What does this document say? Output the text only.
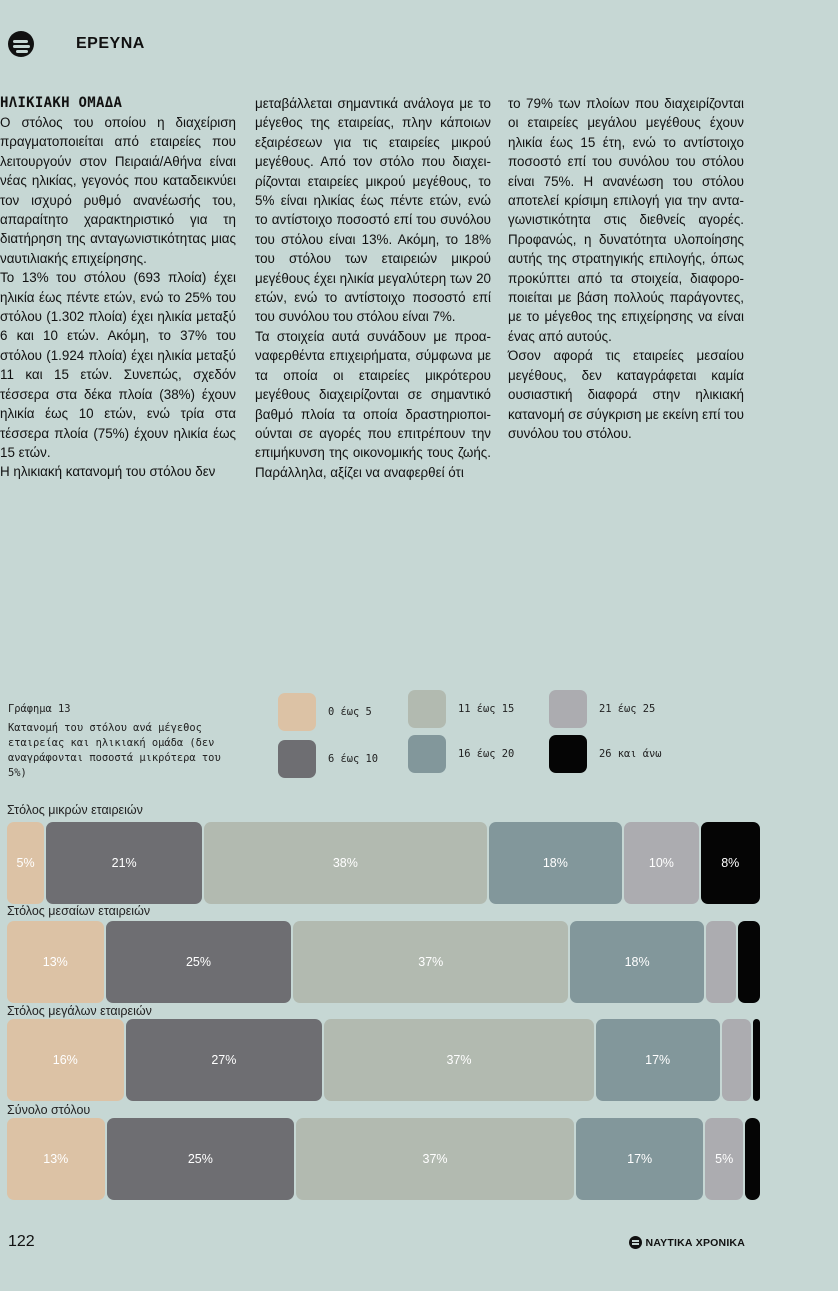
ΕΡΕΥΝΑ

ΗΛΙΚΙΑΚΗ ΟΜΑΔΑ

Ο στόλος του οποίου η διαχείριση πραγματοποιείται από εταιρείες που λειτουργούν στον Πειραιά/Αθήνα είναι νέας ηλικίας, γεγονός που καταδεικνύει τον ισχυρό ρυθμό ανανέωσής του, απαραίτητο χαρακτηριστικό για τη διατήρηση της ανταγωνιστικότητας μιας ναυτιλιακής επιχείρησης.

Το 13% του στόλου (693 πλοία) έχει ηλικία έως πέντε ετών, ενώ το 25% του στόλου (1.302 πλοία) έχει ηλικία μεταξύ 6 και 10 ετών. Ακόμη, το 37% του στόλου (1.924 πλοία) έχει ηλικία μεταξύ 11 και 15 ετών. Συνεπώς, σχεδόν τέσσερα στα δέκα πλοία (38%) έχουν ηλικία έως 10 ετών, ενώ τρία στα τέσσερα πλοία (75%) έχουν ηλικία έως 15 ετών.

Η ηλικιακή κατανομή του στόλου δεν

μεταβάλλεται σημαντικά ανάλογα με το μέγεθος της εταιρείας, πλην κάποιων εξαιρέσεων για τις εταιρείες μικρού μεγέθους. Από τον στόλο που διαχειρίζονται εταιρείες μικρού μεγέθους, το 5% είναι ηλικίας έως πέντε ετών, ενώ το αντίστοιχο ποσοστό επί του συνόλου του στόλου είναι 13%. Ακόμη, το 18% του στόλου των εταιρειών μικρού μεγέθους έχει ηλικία μεγαλύτερη των 20 ετών, ενώ το αντίστοιχο ποσοστό επί του συνόλου του στόλου είναι 7%.

Τα στοιχεία αυτά συνάδουν με προαναφερθέντα επιχειρήματα, σύμφωνα με τα οποία οι εταιρείες μικρότερου μεγέθους διαχειρίζονται σε σημαντικό βαθμό πλοία τα οποία δραστηριοποιούνται σε αγορές που επιτρέπουν την επιμήκυνση της οικονομικής τους ζωής. Παράλληλα, αξίζει να αναφερθεί ότι

το 79% των πλοίων που διαχειρίζονται οι εταιρείες μεγάλου μεγέθους έχουν ηλικία έως 15 έτη, ενώ το αντίστοιχο ποσοστό επί του συνόλου του στόλου είναι 75%. Η ανανέωση του στόλου αποτελεί κρίσιμη επιλογή για την ανταγωνιστικότητα στις διεθνείς αγορές. Προφανώς, η δυνατότητα υλοποίησης αυτής της στρατηγικής επιλογής, όπως προκύπτει από τα στοιχεία, διαφοροποιείται με βάση πολλούς παράγοντες, με το μέγεθος της επιχείρησης να είναι ένας από αυτούς.

Όσον αφορά τις εταιρείες μεσαίου μεγέθους, δεν καταγράφεται καμία ουσιαστική διαφορά στην ηλικιακή κατανομή σε σύγκριση με εκείνη επί του συνόλου του στόλου.

Γράφημα 13
Κατανομή του στόλου ανά μέγεθος εταιρείας και ηλικιακή ομάδα (δεν αναγράφονται ποσοστά μικρότερα του 5%)
0 έως 5
6 έως 10
11 έως 15
16 έως 20
21 έως 25
26 και άνω
Στόλος μικρών εταιρειών
5%	21%	38%	18%	10%	8%
Στόλος μεσαίων εταιρειών
13%	25%	37%	18%
Στόλος μεγάλων εταιρειών
16%	27%	37%	17%
Σύνολο στόλου
13%	25%	37%	17%	5%
122	ΝΑΥΤΙΚΑ ΧΡΟΝΙΚΑ
